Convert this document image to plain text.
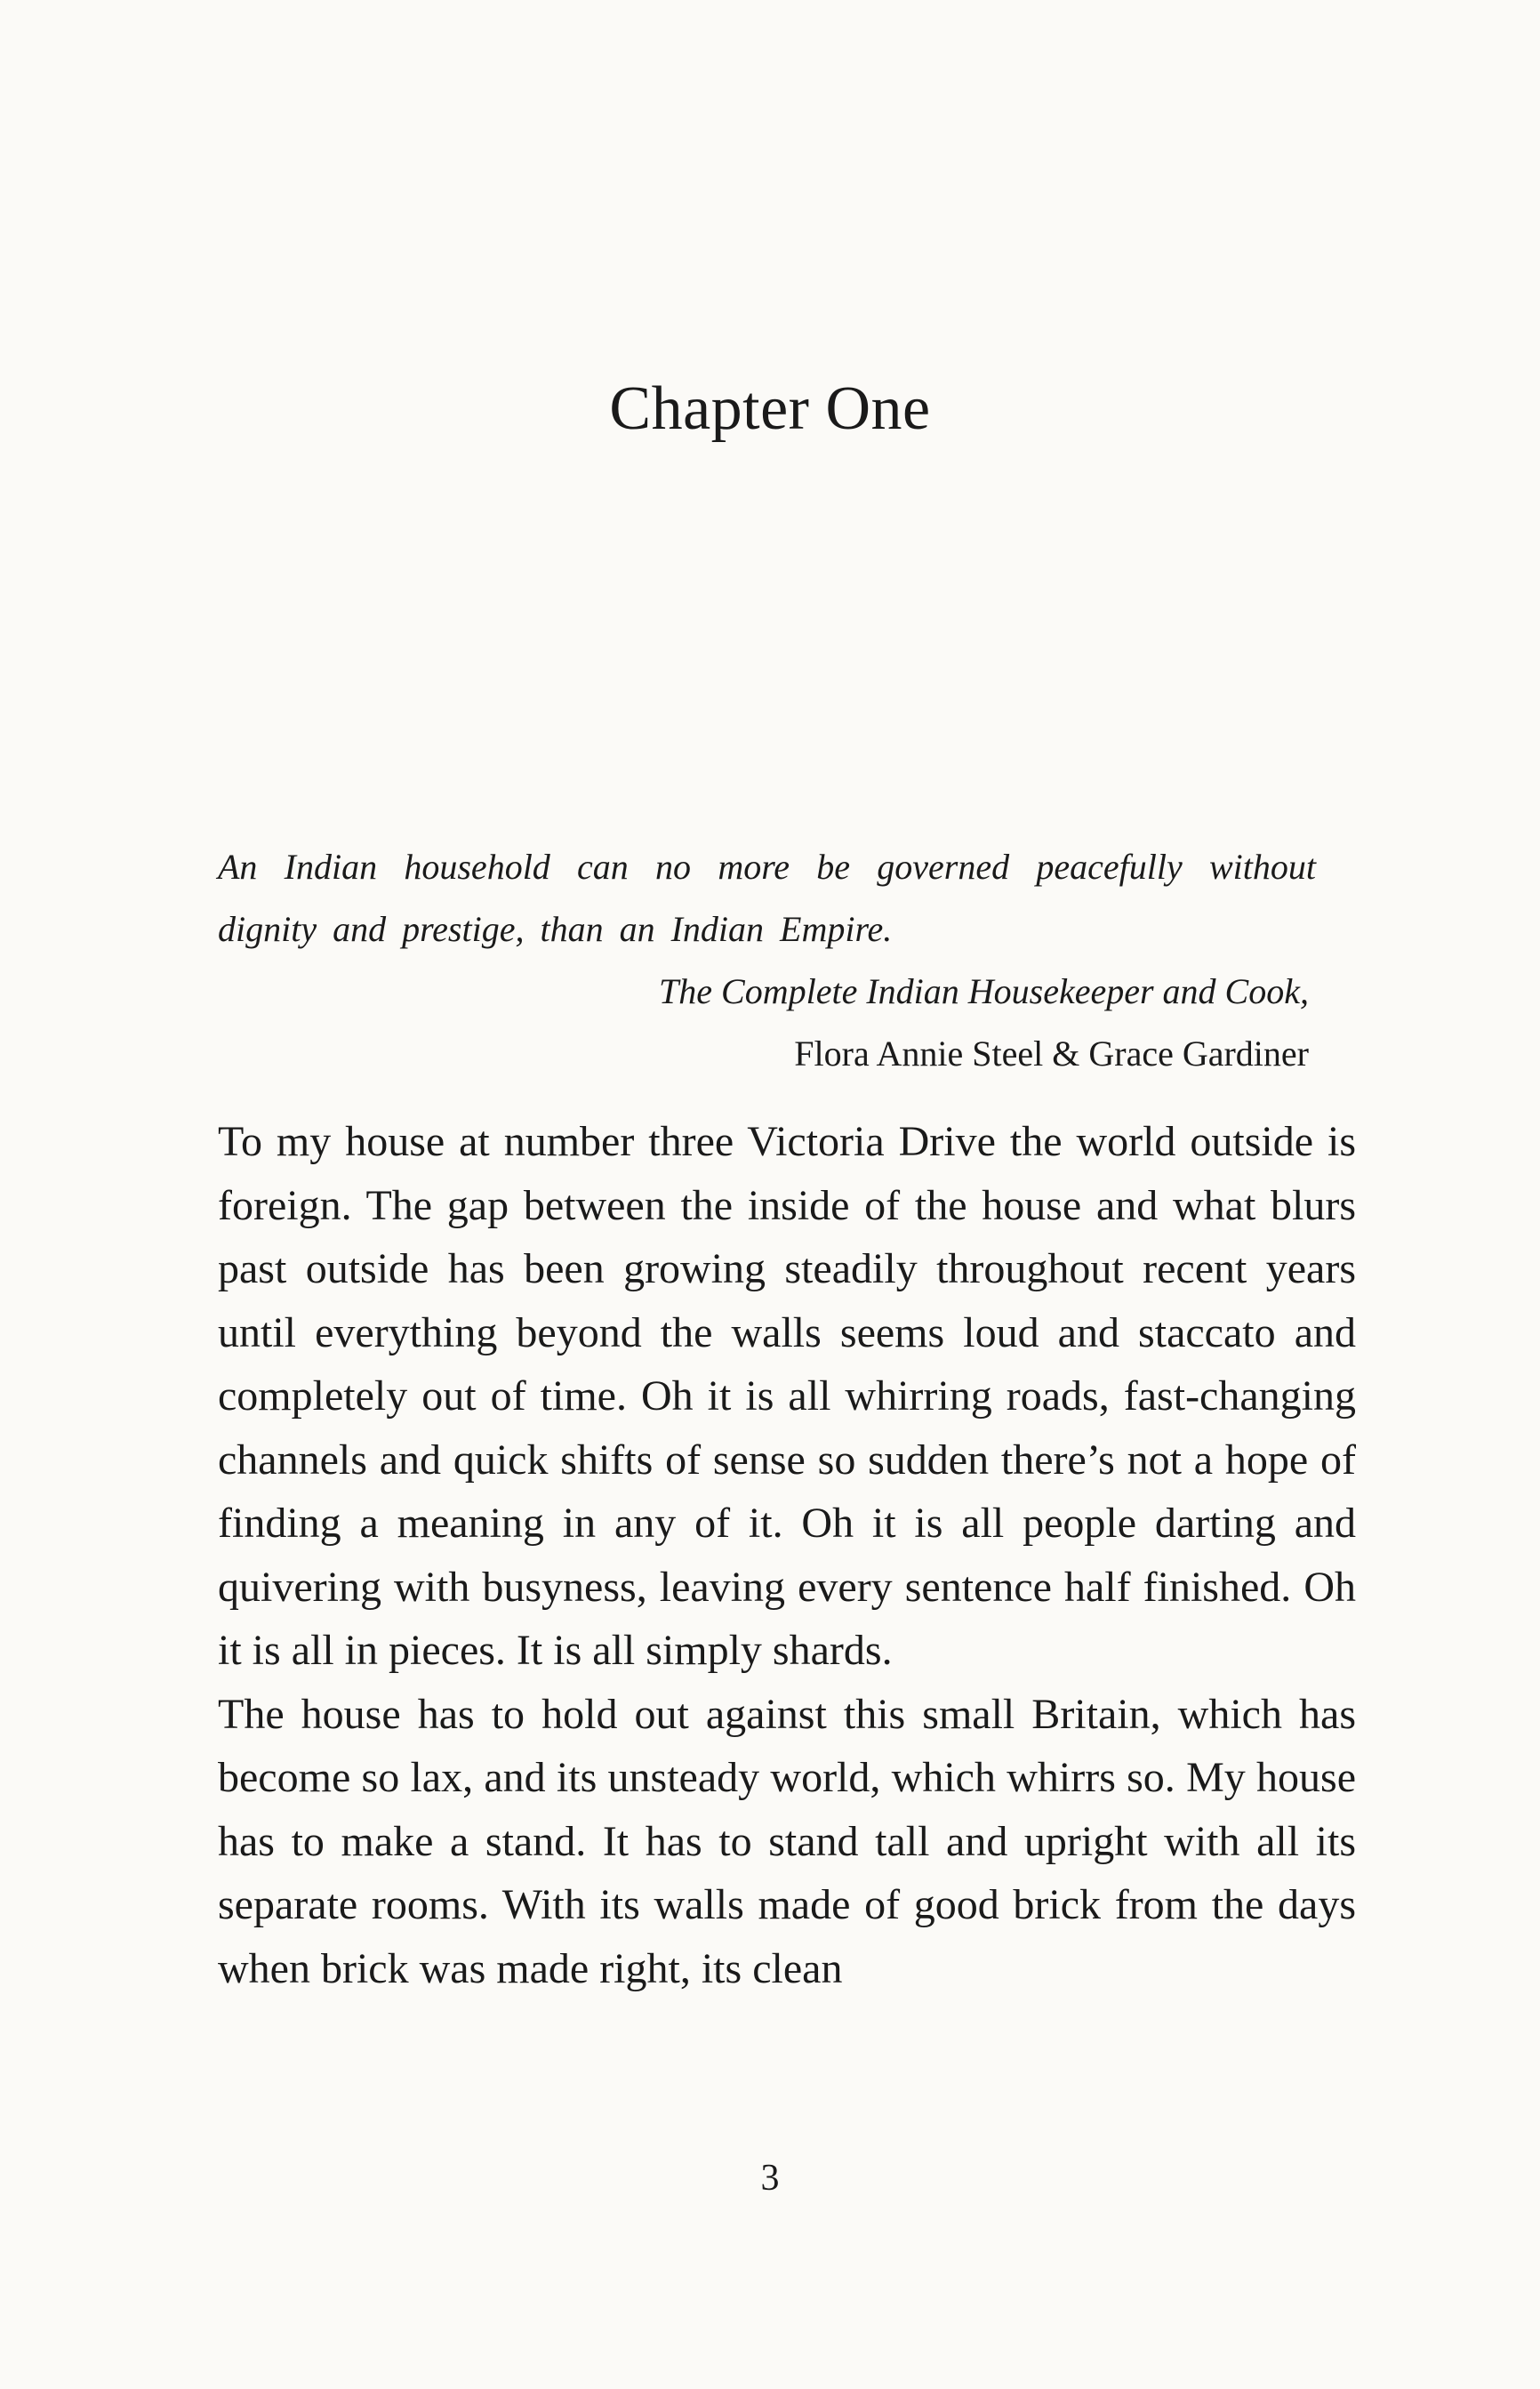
Chapter One

An Indian household can no more be governed peacefully without dignity and prestige, than an Indian Empire.

The Complete Indian Housekeeper and Cook,

Flora Annie Steel & Grace Gardiner

To my house at number three Victoria Drive the world outside is foreign. The gap between the inside of the house and what blurs past outside has been growing steadily throughout recent years until everything beyond the walls seems loud and staccato and completely out of time. Oh it is all whirring roads, fast-changing channels and quick shifts of sense so sudden there’s not a hope of finding a meaning in any of it. Oh it is all people darting and quivering with busyness, leaving every sentence half finished. Oh it is all in pieces. It is all simply shards.

The house has to hold out against this small Britain, which has become so lax, and its unsteady world, which whirrs so. My house has to make a stand. It has to stand tall and upright with all its separate rooms. With its walls made of good brick from the days when brick was made right, its clean

3
